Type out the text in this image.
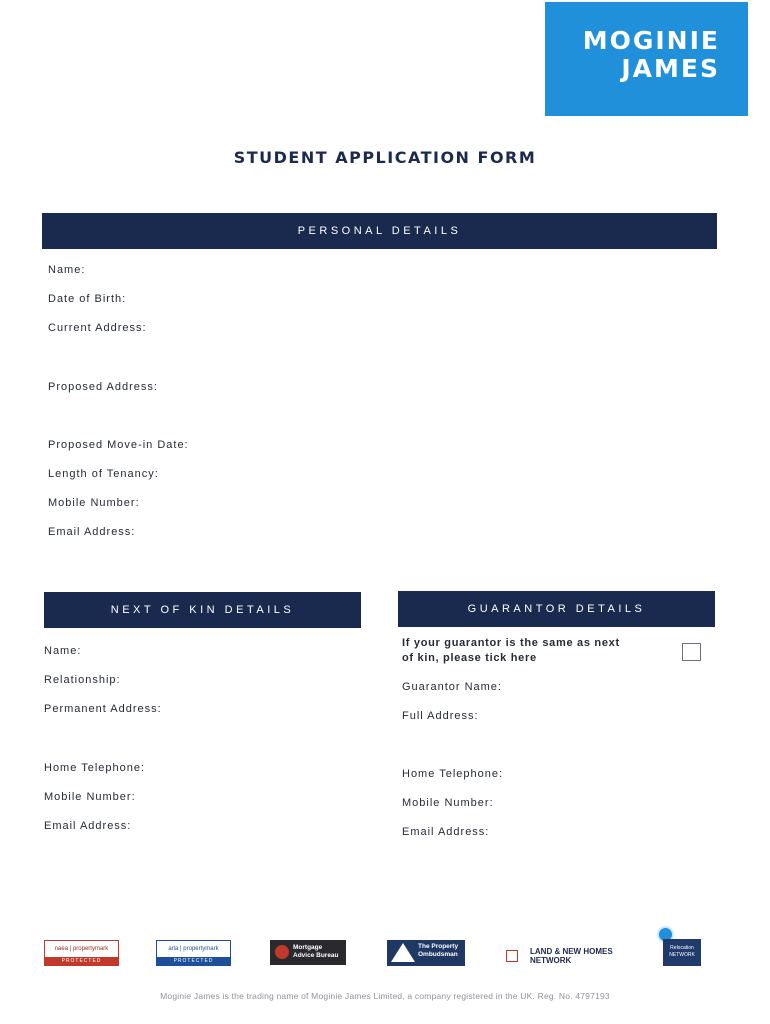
MOGINIE
JAMES
STUDENT APPLICATION FORM
PERSONAL DETAILS
Name:
Date of Birth:
Current Address:
Proposed Address:
Proposed Move-in Date:
Length of Tenancy:
Mobile Number:
Email Address:
NEXT OF KIN DETAILS	GUARANTOR DETAILS
Name:
Relationship:
Permanent Address:
Home Telephone:
Mobile Number:
Email Address:
If your guarantor is the same as next
of kin, please tick here
Guarantor Name:
Full Address:
Home Telephone:
Mobile Number:
Email Address:
naea | propertymark
PROTECTED
arla | propertymark
PROTECTED
Mortgage
Advice Bureau
The Property
Ombudsman	LAND & NEW HOMES
NETWORK
Relocation
NETWORK
Moginie James is the trading name of Moginie James Limited, a company registered in the UK. Reg. No. 4797193
